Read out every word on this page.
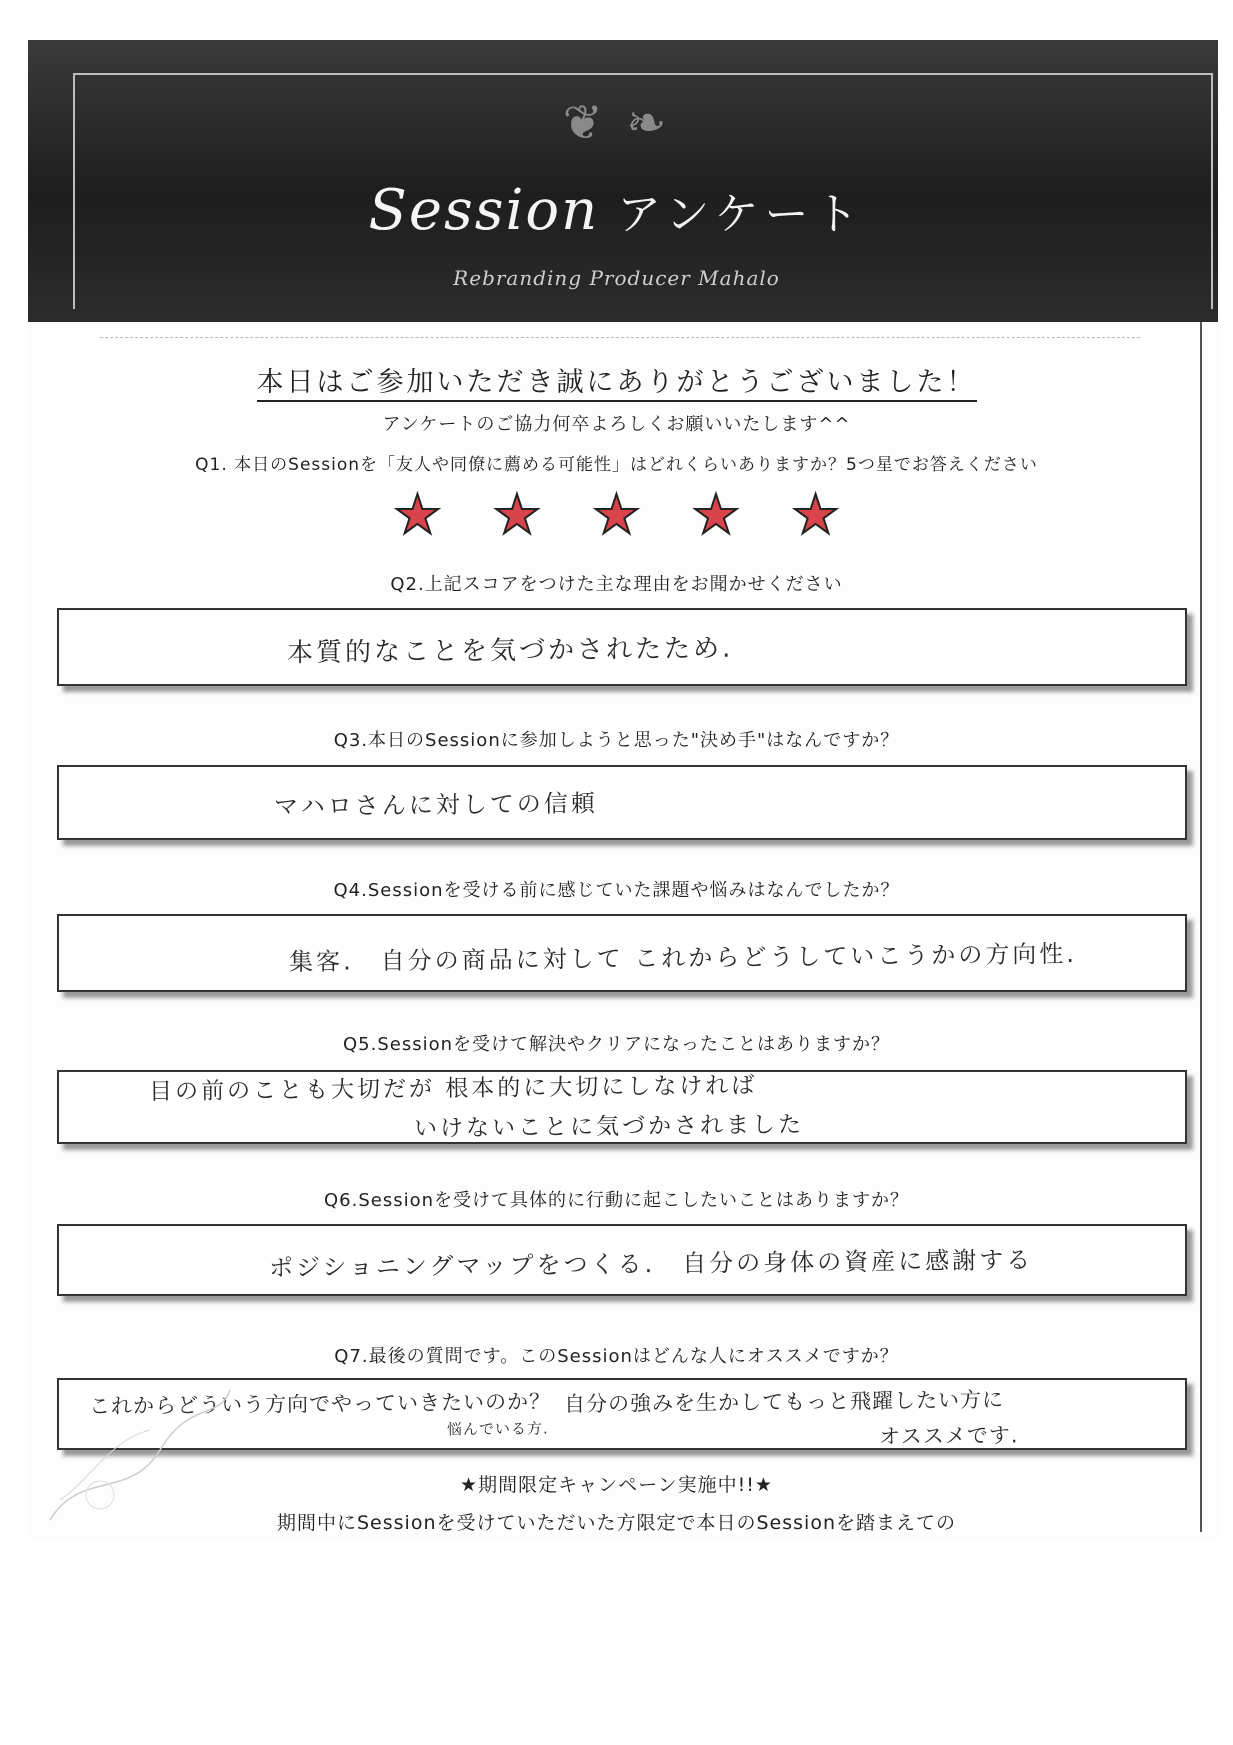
❦ ❧
Session アンケート
Rebranding Producer Mahalo
本日はご参加いただき誠にありがとうございました！
アンケートのご協力何卒よろしくお願いいたします^^
Q1. 本日のSessionを「友人や同僚に薦める可能性」はどれくらいありますか？5つ星でお答えください
★ ★ ★ ★ ★
Q2.上記スコアをつけた主な理由をお聞かせください
本質的なことを気づかされたため.
Q3.本日のSessionに参加しようと思った"決め手"はなんですか？
マハロさんに対しての信頼
Q4.Sessionを受ける前に感じていた課題や悩みはなんでしたか？
集客.　自分の商品に対して これからどうしていこうかの方向性.
Q5.Sessionを受けて解決やクリアになったことはありますか？
目の前のことも大切だが 根本的に大切にしなければ
いけないことに気づかされました
Q6.Sessionを受けて具体的に行動に起こしたいことはありますか？
ポジショニングマップをつくる.　自分の身体の資産に感謝する
Q7.最後の質問です。このSessionはどんな人にオススメですか？
これからどういう方向でやっていきたいのか？
悩んでいる方.
自分の強みを生かしてもっと飛躍したい方に
オススメです.
★期間限定キャンペーン実施中!!★
期間中にSessionを受けていただいた方限定で本日のSessionを踏まえての
